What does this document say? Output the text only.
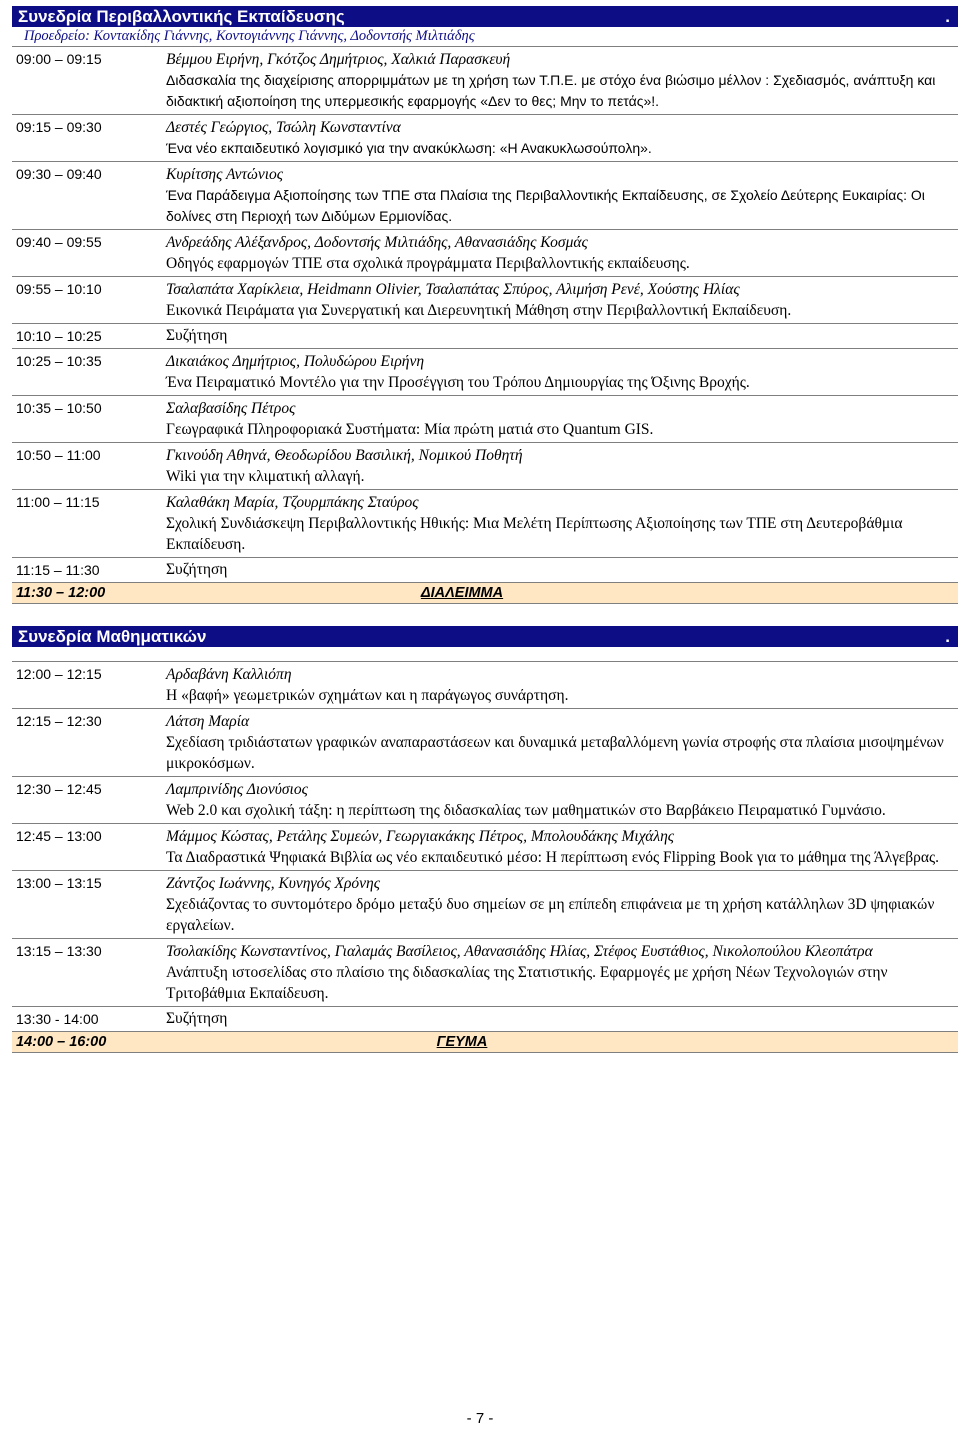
Συνεδρία Περιβαλλοντικής Εκπαίδευσης	.
Προεδρείο: Κοντακίδης Γιάννης, Κοντογιάννης Γιάννης, Δοδοντσής Μιλτιάδης
09:00 – 09:15	Βέμμου Ειρήνη, Γκότζος Δημήτριος, Χαλκιά Παρασκευή
Διδασκαλία της διαχείρισης απορριμμάτων με τη χρήση των Τ.Π.Ε. με στόχο ένα βιώσιμο μέλλον : Σχεδιασμός, ανάπτυξη και διδακτική αξιοποίηση της υπερμεσικής εφαρμογής «Δεν το θες; Μην το πετάς»!.
09:15 – 09:30	Δεστές Γεώργιος, Τσώλη Κωνσταντίνα
Ένα νέο εκπαιδευτικό λογισμικό για την ανακύκλωση: «Η Ανακυκλωσούπολη».
09:30 – 09:40	Κυρίτσης Αντώνιος
Ένα Παράδειγμα Αξιοποίησης των ΤΠΕ στα Πλαίσια της Περιβαλλοντικής Εκπαίδευσης, σε Σχολείο Δεύτερης Ευκαιρίας: Οι δολίνες στη Περιοχή των Διδύμων Ερμιονίδας.
09:40 – 09:55	Ανδρεάδης Αλέξανδρος, Δοδοντσής Μιλτιάδης, Αθανασιάδης Κοσμάς
Οδηγός εφαρμογών ΤΠΕ στα σχολικά προγράμματα Περιβαλλοντικής εκπαίδευσης.
09:55 – 10:10	Τσαλαπάτα Χαρίκλεια, Heidmann Olivier, Τσαλαπάτας Σπύρος, Αλιμήση Ρενέ, Χούστης Ηλίας
Εικονικά Πειράματα για Συνεργατική και Διερευνητική Μάθηση στην Περιβαλλοντική Εκπαίδευση.
10:10 – 10:25	Συζήτηση
10:25 – 10:35	Δικαιάκος Δημήτριος, Πολυδώρου Ειρήνη
Ένα Πειραματικό Μοντέλο για την Προσέγγιση του Τρόπου Δημιουργίας της Όξινης Βροχής.
10:35 – 10:50	Σαλαβασίδης Πέτρος
Γεωγραφικά Πληροφοριακά Συστήματα: Μία πρώτη ματιά στο Quantum GIS.
10:50 – 11:00	Γκινούδη Αθηνά, Θεοδωρίδου Βασιλική, Νομικού Ποθητή
Wiki για την κλιματική αλλαγή.
11:00 – 11:15	Καλαθάκη Μαρία, Τζουρμπάκης Σταύρος
Σχολική Συνδιάσκεψη Περιβαλλοντικής Ηθικής: Μια Μελέτη Περίπτωσης Αξιοποίησης των ΤΠΕ στη Δευτεροβάθμια Εκπαίδευση.
11:15 – 11:30	Συζήτηση
11:30 – 12:00	ΔΙΑΛΕΙΜΜΑ
Συνεδρία Μαθηματικών	.
12:00 – 12:15	Αρδαβάνη Καλλιόπη
Η «βαφή» γεωμετρικών σχημάτων και η παράγωγος συνάρτηση.
12:15 – 12:30	Λάτση Μαρία
Σχεδίαση τριδιάστατων γραφικών αναπαραστάσεων και δυναμικά μεταβαλλόμενη γωνία στροφής στα πλαίσια μισοψημένων μικροκόσμων.
12:30 – 12:45	Λαμπρινίδης Διονύσιος
Web 2.0 και σχολική τάξη: η περίπτωση της διδασκαλίας των μαθηματικών στο Βαρβάκειο Πειραματικό Γυμνάσιο.
12:45 – 13:00	Μάμμος Κώστας, Ρετάλης Συμεών, Γεωργιακάκης Πέτρος, Μπολουδάκης Μιχάλης
Τα Διαδραστικά Ψηφιακά Βιβλία ως νέο εκπαιδευτικό μέσο: Η περίπτωση ενός Flipping Book για το μάθημα της Άλγεβρας.
13:00 – 13:15	Ζάντζος Ιωάννης, Κυνηγός Χρόνης
Σχεδιάζοντας το συντομότερο δρόμο μεταξύ δυο σημείων σε μη επίπεδη επιφάνεια με τη χρήση κατάλληλων 3D ψηφιακών εργαλείων.
13:15 – 13:30	Τσολακίδης Κωνσταντίνος, Γιαλαμάς Βασίλειος, Αθανασιάδης Ηλίας, Στέφος Ευστάθιος, Νικολοπούλου Κλεοπάτρα
Ανάπτυξη ιστοσελίδας στο πλαίσιο της διδασκαλίας της Στατιστικής. Εφαρμογές με χρήση Νέων Τεχνολογιών στην Τριτοβάθμια Εκπαίδευση.
13:30 - 14:00	Συζήτηση
14:00 – 16:00	ΓΕΥΜΑ
- 7 -
